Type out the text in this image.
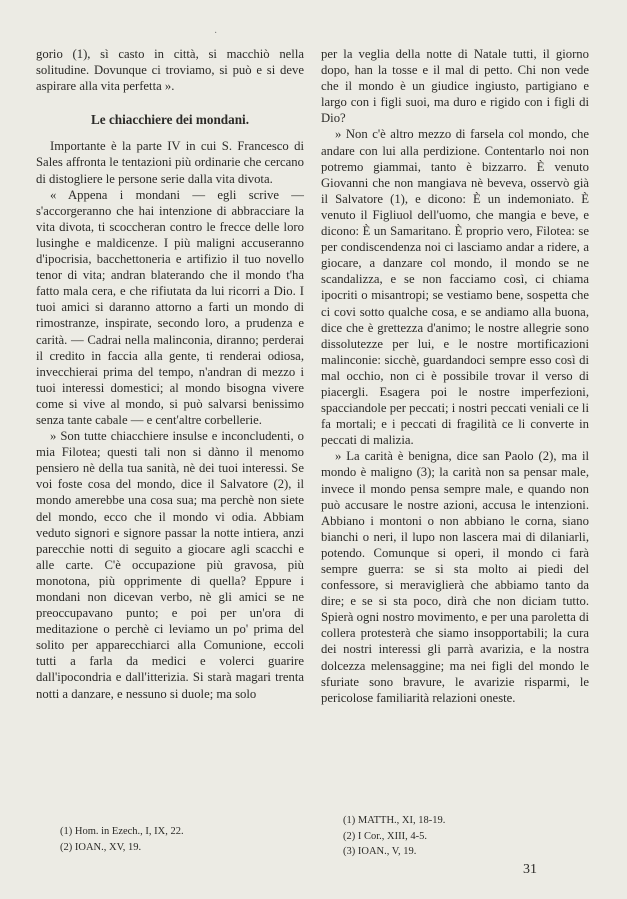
·

gorio (1), sì casto in città, si macchiò nella solitudine. Dovunque ci troviamo, si può e si deve aspirare alla vita perfetta ».

Le chiacchiere dei mondani.

Importante è la parte IV in cui S. Francesco di Sales affronta le tentazioni più ordinarie che cercano di distogliere le persone serie dalla vita divota.

« Appena i mondani — egli scrive — s'accorgeranno che hai intenzione di abbracciare la vita divota, ti scoccheran contro le frecce delle loro lusinghe e maldicenze. I più maligni accuseranno d'ipocrisia, bacchettoneria e artifizio il tuo novello tenor di vita; andran blaterando che il mondo t'ha fatto mala cera, e che rifiutata da lui ricorri a Dio. I tuoi amici si daranno attorno a farti un mondo di rimostranze, inspirate, secondo loro, a prudenza e carità. — Cadrai nella malinconia, diranno; perderai il credito in faccia alla gente, ti renderai odiosa, invecchierai prima del tempo, n'andran di mezzo i tuoi interessi domestici; al mondo bisogna vivere come si vive al mondo, si può salvarsi benissimo senza tante cabale — e cent'altre corbellerie.

» Son tutte chiacchiere insulse e inconcludenti, o mia Filotea; questi tali non si dànno il menomo pensiero nè della tua sanità, nè dei tuoi interessi. Se voi foste cosa del mondo, dice il Salvatore (2), il mondo amerebbe una cosa sua; ma perchè non siete del mondo, ecco che il mondo vi odia. Abbiam veduto signori e signore passar la notte intiera, anzi parecchie notti di seguito a giocare agli scacchi e alle carte. C'è occupazione più gravosa, più monotona, più opprimente di quella? Eppure i mondani non dicevan verbo, nè gli amici se ne preoccupavano punto; e poi per un'ora di meditazione o perchè ci leviamo un po' prima del solito per apparecchiarci alla Comunione, eccoli tutti a farla da medici e volerci guarire dall'ipocondria e dall'itterizia. Si starà magari trenta notti a danzare, e nessuno si duole; ma solo

per la veglia della notte di Natale tutti, il giorno dopo, han la tosse e il mal di petto. Chi non vede che il mondo è un giudice ingiusto, partigiano e largo con i figli suoi, ma duro e rigido con i figli di Dio?

» Non c'è altro mezzo di farsela col mondo, che andare con lui alla perdizione. Contentarlo noi non potremo giammai, tanto è bizzarro. È venuto Giovanni che non mangiava nè beveva, osservò già il Salvatore (1), e dicono: È un indemoniato. È venuto il Figliuol dell'uomo, che mangia e beve, e dicono: È un Samaritano. È proprio vero, Filotea: se per condiscendenza noi ci lasciamo andar a ridere, a giocare, a danzare col mondo, il mondo se ne scandalizza, e se non facciamo così, ci chiama ipocriti o misantropi; se vestiamo bene, sospetta che ci covi sotto qualche cosa, e se andiamo alla buona, dice che è grettezza d'animo; le nostre allegrie sono dissolutezze per lui, e le nostre mortificazioni malinconie: sicchè, guardandoci sempre esso così di mal occhio, non ci è possibile trovar il verso di piacergli. Esagera poi le nostre imperfezioni, spacciandole per peccati; i nostri peccati veniali ce li fa mortali; e i peccati di fragilità ce li converte in peccati di malizia.

» La carità è benigna, dice san Paolo (2), ma il mondo è maligno (3); la carità non sa pensar male, invece il mondo pensa sempre male, e quando non può accusare le nostre azioni, accusa le intenzioni. Abbiano i montoni o non abbiano le corna, siano bianchi o neri, il lupo non lascera mai di dilaniarli, potendo. Comunque si operi, il mondo ci farà sempre guerra: se si sta molto ai piedi del confessore, si meraviglierà che abbiamo tanto da dire; e se si sta poco, dirà che non diciam tutto. Spierà ogni nostro movimento, e per una paroletta di collera protesterà che siamo insopportabili; la cura dei nostri interessi gli parrà avarizia, e la nostra dolcezza melensaggine; ma nei figli del mondo le sfuriate sono bravure, le avarizie risparmi, le pericolose familiarità relazioni oneste.

(1) Hom. in Ezech., I, IX, 22.
(2) IOAN., XV, 19.
(1) MATTH., XI, 18-19.
(2) I Cor., XIII, 4-5.
(3) IOAN., V, 19.
31
